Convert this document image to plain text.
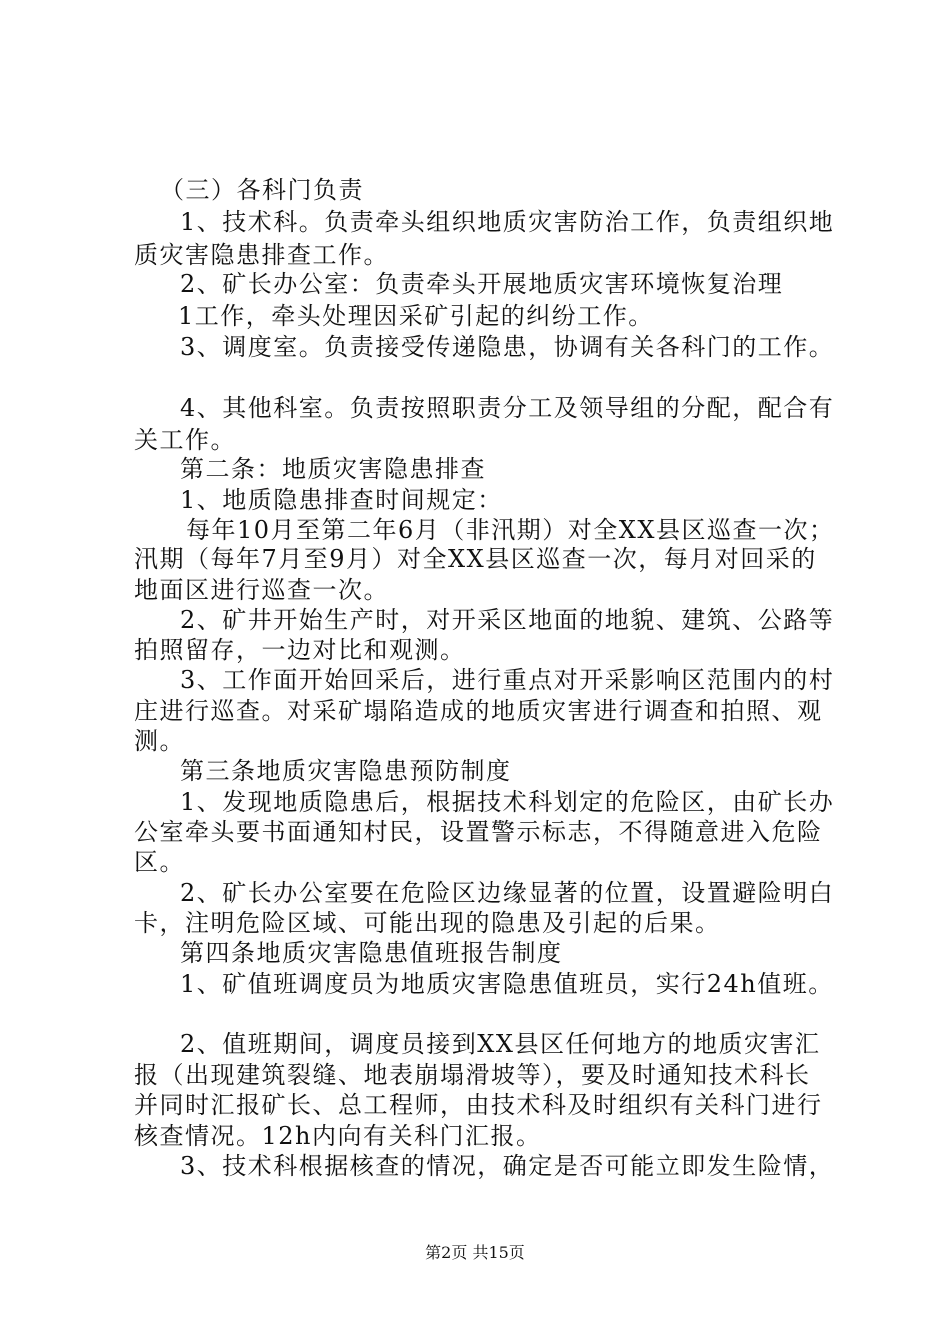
（三）各科门负责
1、技术科。负责牵头组织地质灾害防治工作，负责组织地
质灾害隐患排查工作。
2、矿长办公室：负责牵头开展地质灾害环境恢复治理
1工作，牵头处理因采矿引起的纠纷工作。
3、调度室。负责接受传递隐患，协调有关各科门的工作。
4、其他科室。负责按照职责分工及领导组的分配，配合有
关工作。
第二条：地质灾害隐患排查
1、地质隐患排查时间规定：
每年10月至第二年6月（非汛期）对全XX县区巡查一次；
汛期（每年7月至9月）对全XX县区巡查一次，每月对回采的
地面区进行巡查一次。
2、矿井开始生产时，对开采区地面的地貌、建筑、公路等
拍照留存，一边对比和观测。
3、工作面开始回采后，进行重点对开采影响区范围内的村
庄进行巡查。对采矿塌陷造成的地质灾害进行调查和拍照、观
测。
第三条地质灾害隐患预防制度
1、发现地质隐患后，根据技术科划定的危险区，由矿长办
公室牵头要书面通知村民，设置警示标志，不得随意进入危险
区。
2、矿长办公室要在危险区边缘显著的位置，设置避险明白
卡，注明危险区域、可能出现的隐患及引起的后果。
第四条地质灾害隐患值班报告制度
1、矿值班调度员为地质灾害隐患值班员，实行24h值班。
2、值班期间，调度员接到XX县区任何地方的地质灾害汇
报（出现建筑裂缝、地表崩塌滑坡等），要及时通知技术科长
并同时汇报矿长、总工程师，由技术科及时组织有关科门进行
核查情况。12h内向有关科门汇报。
3、技术科根据核查的情况，确定是否可能立即发生险情，
第2页 共15页
